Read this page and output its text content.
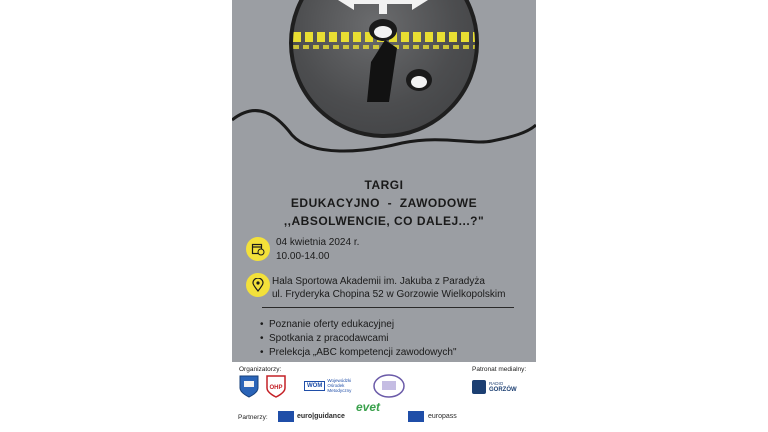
TARGI
EDUKACYJNO  -  ZAWODOWE
,,ABSOLWENCIE, CO DALEJ...?"
04 kwietnia 2024 r.
10.00-14.00
Hala Sportowa Akademii im. Jakuba z Paradyża
ul. Fryderyka Chopina 52 w Gorzowie Wielkopolskim
• Poznanie oferty edukacyjnej
• Spotkania z pracodawcami
• Prelekcja „ABC kompetencji zawodowych"
Organizatorzy:	Patronat medialny:
OHP	WOM
Wojewódzki Ośrodek Metodyczny
RADIO
GORZÓW
Partnerzy:	euro|guidance
evet
europass
